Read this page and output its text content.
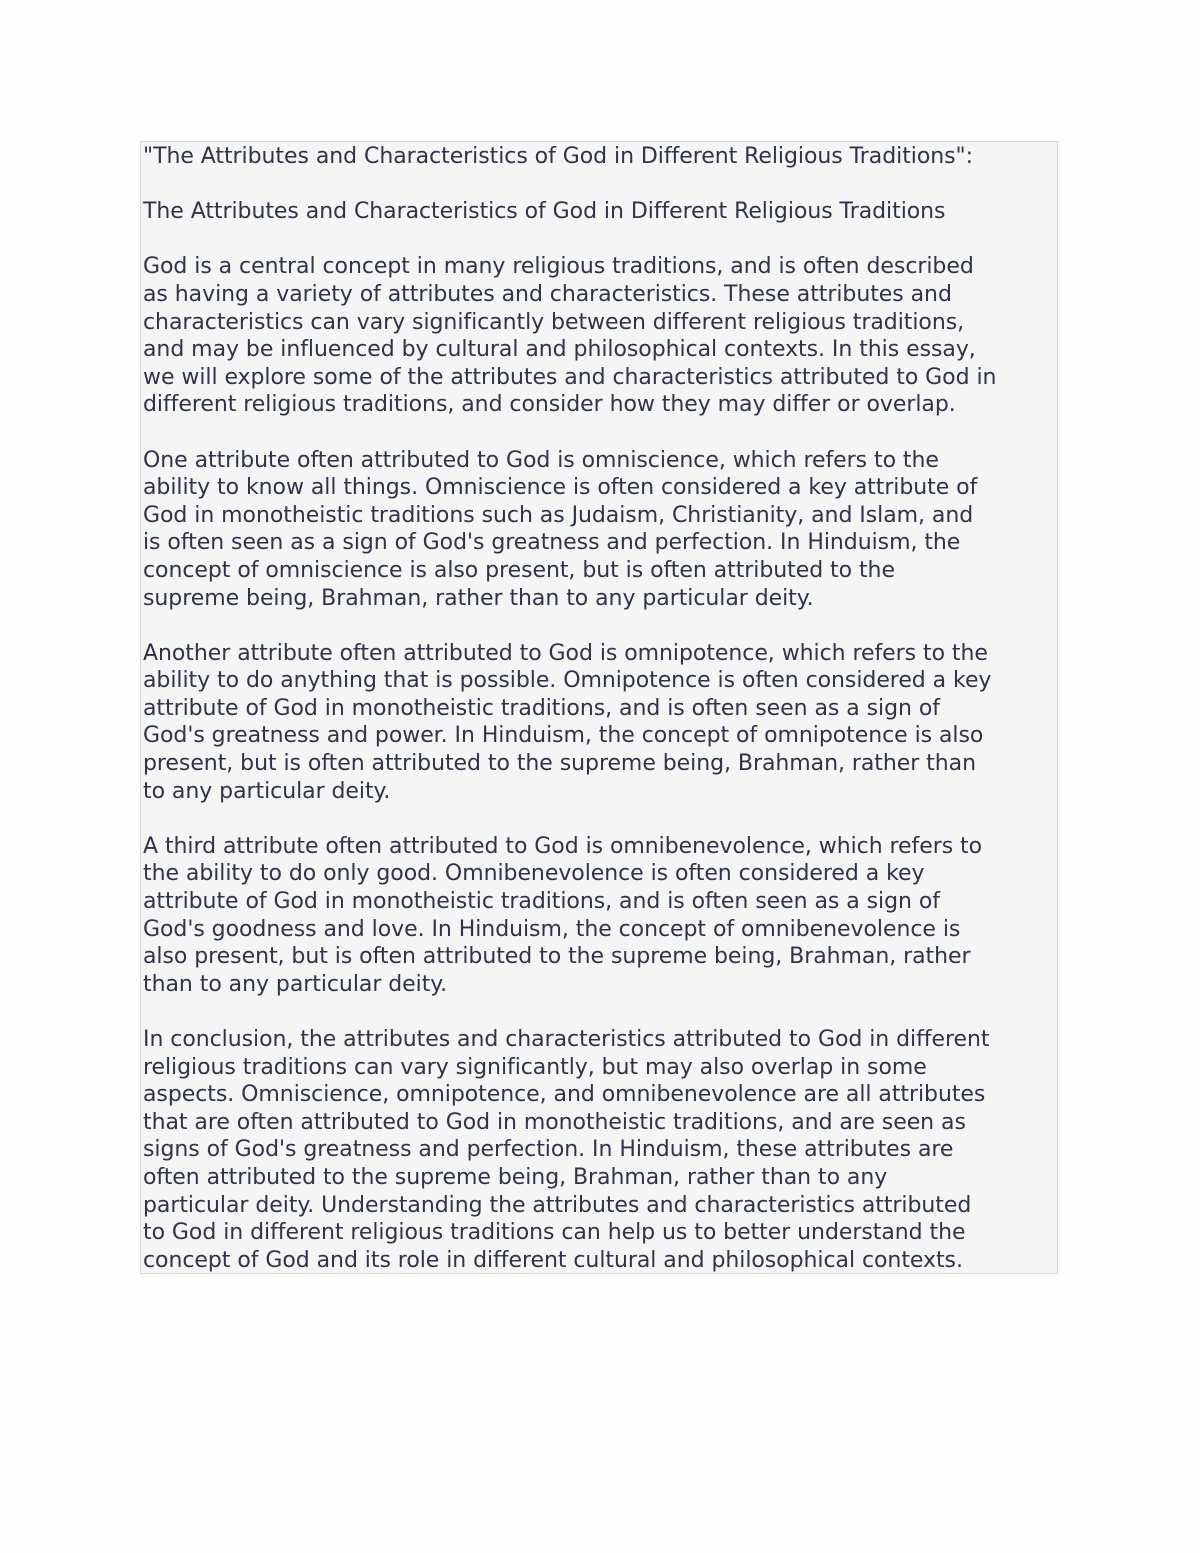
"The Attributes and Characteristics of God in Different Religious Traditions":
The Attributes and Characteristics of God in Different Religious Traditions
God is a central concept in many religious traditions, and is often described
as having a variety of attributes and characteristics. These attributes and
characteristics can vary significantly between different religious traditions,
and may be influenced by cultural and philosophical contexts. In this essay,
we will explore some of the attributes and characteristics attributed to God in
different religious traditions, and consider how they may differ or overlap.
One attribute often attributed to God is omniscience, which refers to the
ability to know all things. Omniscience is often considered a key attribute of
God in monotheistic traditions such as Judaism, Christianity, and Islam, and
is often seen as a sign of God's greatness and perfection. In Hinduism, the
concept of omniscience is also present, but is often attributed to the
supreme being, Brahman, rather than to any particular deity.
Another attribute often attributed to God is omnipotence, which refers to the
ability to do anything that is possible. Omnipotence is often considered a key
attribute of God in monotheistic traditions, and is often seen as a sign of
God's greatness and power. In Hinduism, the concept of omnipotence is also
present, but is often attributed to the supreme being, Brahman, rather than
to any particular deity.
A third attribute often attributed to God is omnibenevolence, which refers to
the ability to do only good. Omnibenevolence is often considered a key
attribute of God in monotheistic traditions, and is often seen as a sign of
God's goodness and love. In Hinduism, the concept of omnibenevolence is
also present, but is often attributed to the supreme being, Brahman, rather
than to any particular deity.
In conclusion, the attributes and characteristics attributed to God in different
religious traditions can vary significantly, but may also overlap in some
aspects. Omniscience, omnipotence, and omnibenevolence are all attributes
that are often attributed to God in monotheistic traditions, and are seen as
signs of God's greatness and perfection. In Hinduism, these attributes are
often attributed to the supreme being, Brahman, rather than to any
particular deity. Understanding the attributes and characteristics attributed
to God in different religious traditions can help us to better understand the
concept of God and its role in different cultural and philosophical contexts.
